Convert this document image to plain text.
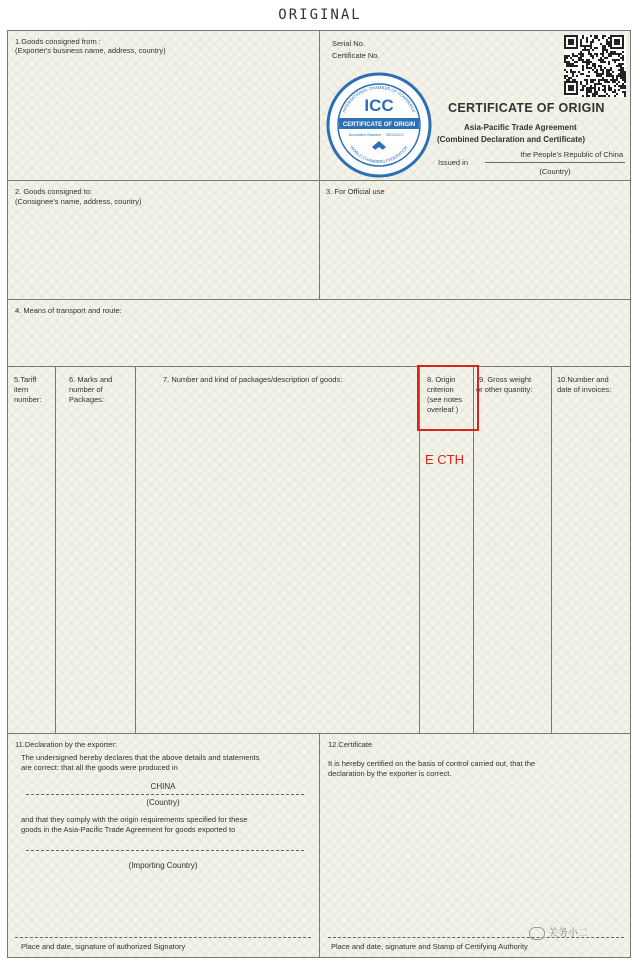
ORIGINAL
1.Goods consigned from :
(Exporter's business name, address, country)
Serial No.
Certificate No.
CERTIFICATE OF ORIGIN
ICC
Accredited Chamber 09/12/2017
INTERNATIONAL CHAMBER OF COMMERCE
WORLD CHAMBERS FEDERATION
CERTIFICATE OF ORIGIN
Asia-Pacific Trade Agreement
(Combined Declaration and Certificate)
Issued in
the People's Republic of China
(Country)
2. Goods consigned to:
(Consignee's name, address, country)
3. For Official use
4. Means of transport and route:
5.Tariff
item
number:
6. Marks and
number of
Packages:
7. Number and kind of packages/description of goods:	8. Origin
criterion
(see notes
overleaf )
9. Gross weight
or other quantity:
10.Number and
date of invoices:
E CTH
11.Declaration by the exporter:
The undersigned hereby declares that the above details and statements
are correct: that all the goods were produced in
CHINA
(Country)
and that they comply with the origin requirements specified for these
goods in the Asia-Pacific Trade Agreement for goods exported to
(Importing Country)
Place and date, signature of authorized Signatory
12.Certificate
It is hereby certified on the basis of control carried out, that the
declaration by the exporter is correct.
Place and date, signature and Stamp of Certifying Authority
关务小二
